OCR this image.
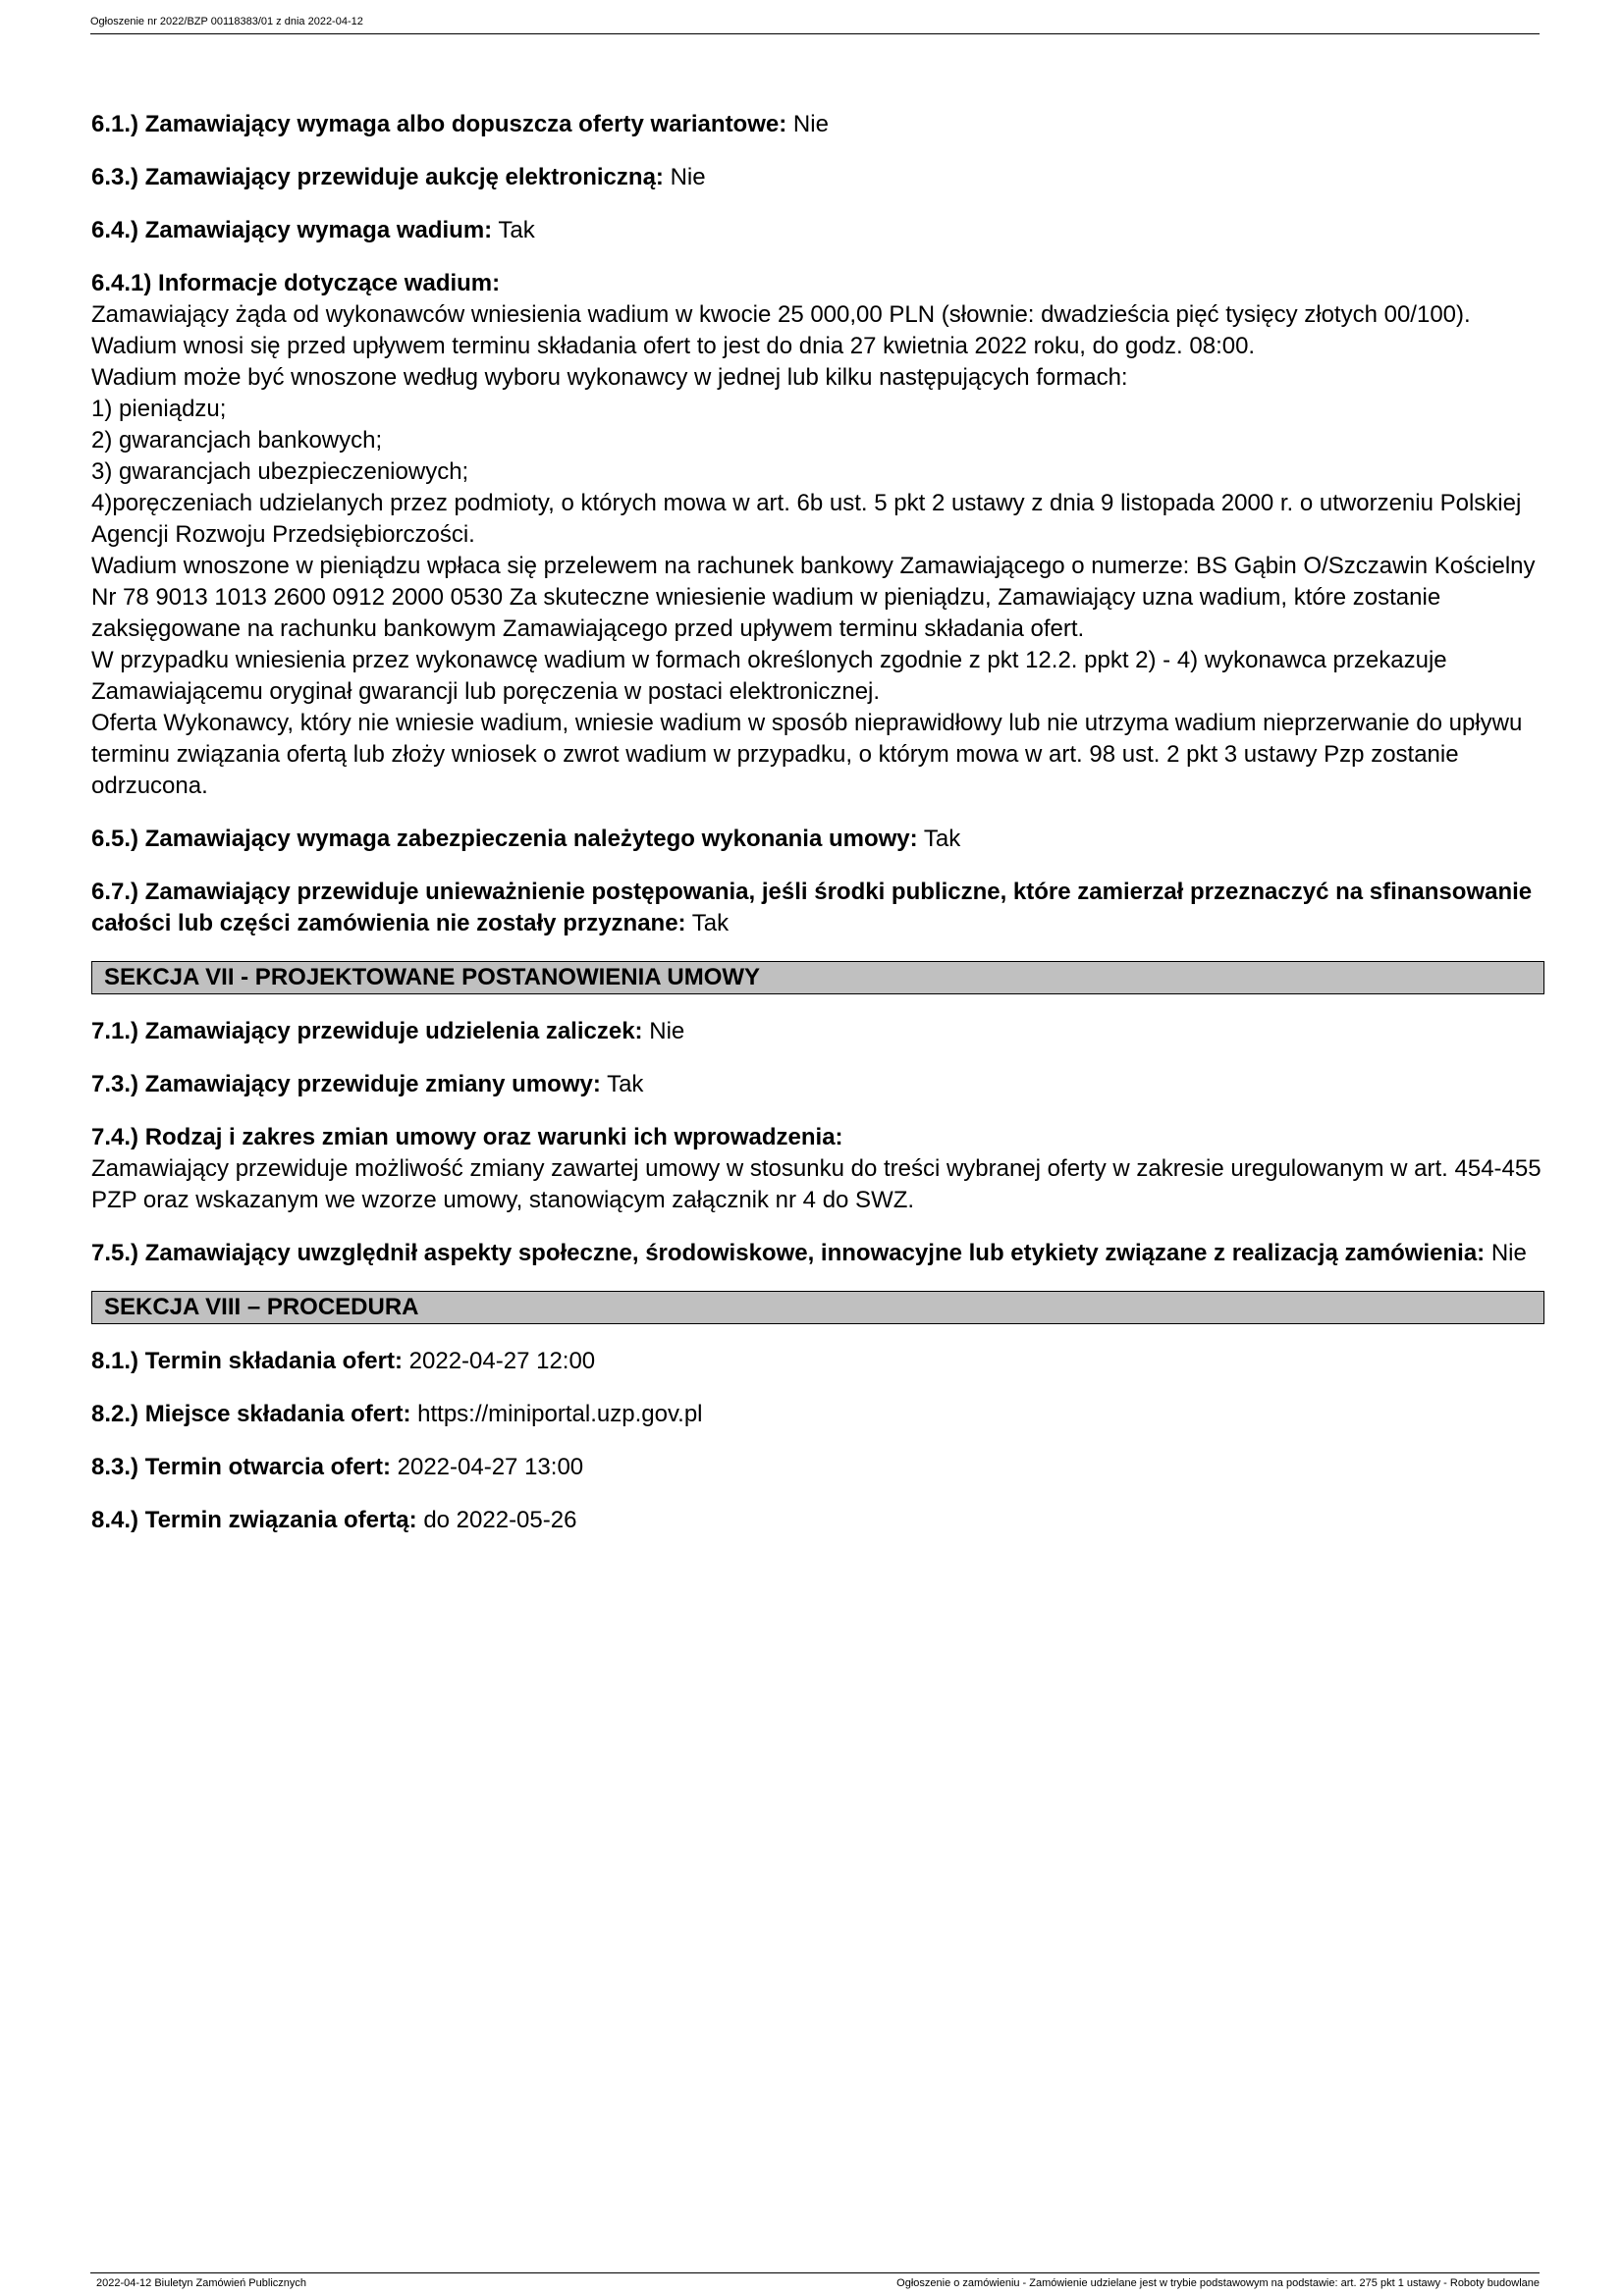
Ogłoszenie nr 2022/BZP 00118383/01 z dnia 2022-04-12

6.1.) Zamawiający wymaga albo dopuszcza oferty wariantowe: Nie

6.3.) Zamawiający przewiduje aukcję elektroniczną: Nie

6.4.) Zamawiający wymaga wadium: Tak

6.4.1) Informacje dotyczące wadium:
Zamawiający żąda od wykonawców wniesienia wadium w kwocie 25 000,00 PLN (słownie: dwadzieścia pięć tysięcy złotych 00/100).
Wadium wnosi się przed upływem terminu składania ofert to jest do dnia 27 kwietnia 2022 roku, do godz. 08:00.
Wadium może być wnoszone według wyboru wykonawcy w jednej lub kilku następujących formach:
1) pieniądzu;
2) gwarancjach bankowych;
3) gwarancjach ubezpieczeniowych;
4)poręczeniach udzielanych przez podmioty, o których mowa w art. 6b ust. 5 pkt 2 ustawy z dnia 9 listopada 2000 r. o utworzeniu Polskiej Agencji Rozwoju Przedsiębiorczości.
Wadium wnoszone w pieniądzu wpłaca się przelewem na rachunek bankowy Zamawiającego o numerze: BS Gąbin O/Szczawin Kościelny Nr 78 9013 1013 2600 0912 2000 0530 Za skuteczne wniesienie wadium w pieniądzu, Zamawiający uzna wadium, które zostanie zaksięgowane na rachunku bankowym Zamawiającego przed upływem terminu składania ofert.
W przypadku wniesienia przez wykonawcę wadium w formach określonych zgodnie z pkt 12.2. ppkt 2) - 4) wykonawca przekazuje Zamawiającemu oryginał gwarancji lub poręczenia w postaci elektronicznej.
Oferta Wykonawcy, który nie wniesie wadium, wniesie wadium w sposób nieprawidłowy lub nie utrzyma wadium nieprzerwanie do upływu terminu związania ofertą lub złoży wniosek o zwrot wadium w przypadku, o którym mowa w art. 98 ust. 2 pkt 3 ustawy Pzp zostanie odrzucona.

6.5.) Zamawiający wymaga zabezpieczenia należytego wykonania umowy: Tak

6.7.) Zamawiający przewiduje unieważnienie postępowania, jeśli środki publiczne, które zamierzał przeznaczyć na sfinansowanie całości lub części zamówienia nie zostały przyznane: Tak

SEKCJA VII - PROJEKTOWANE POSTANOWIENIA UMOWY

7.1.) Zamawiający przewiduje udzielenia zaliczek: Nie

7.3.) Zamawiający przewiduje zmiany umowy: Tak

7.4.) Rodzaj i zakres zmian umowy oraz warunki ich wprowadzenia:
Zamawiający przewiduje możliwość zmiany zawartej umowy w stosunku do treści wybranej oferty w zakresie uregulowanym w art. 454-455 PZP oraz wskazanym we wzorze umowy, stanowiącym załącznik nr 4 do SWZ.

7.5.) Zamawiający uwzględnił aspekty społeczne, środowiskowe, innowacyjne lub etykiety związane z realizacją zamówienia: Nie

SEKCJA VIII – PROCEDURA

8.1.) Termin składania ofert: 2022-04-27 12:00

8.2.) Miejsce składania ofert: https://miniportal.uzp.gov.pl

8.3.) Termin otwarcia ofert: 2022-04-27 13:00

8.4.) Termin związania ofertą: do 2022-05-26

2022-04-12 Biuletyn Zamówień Publicznych	Ogłoszenie o zamówieniu - Zamówienie udzielane jest w trybie podstawowym na podstawie: art. 275 pkt 1 ustawy - Roboty budowlane
